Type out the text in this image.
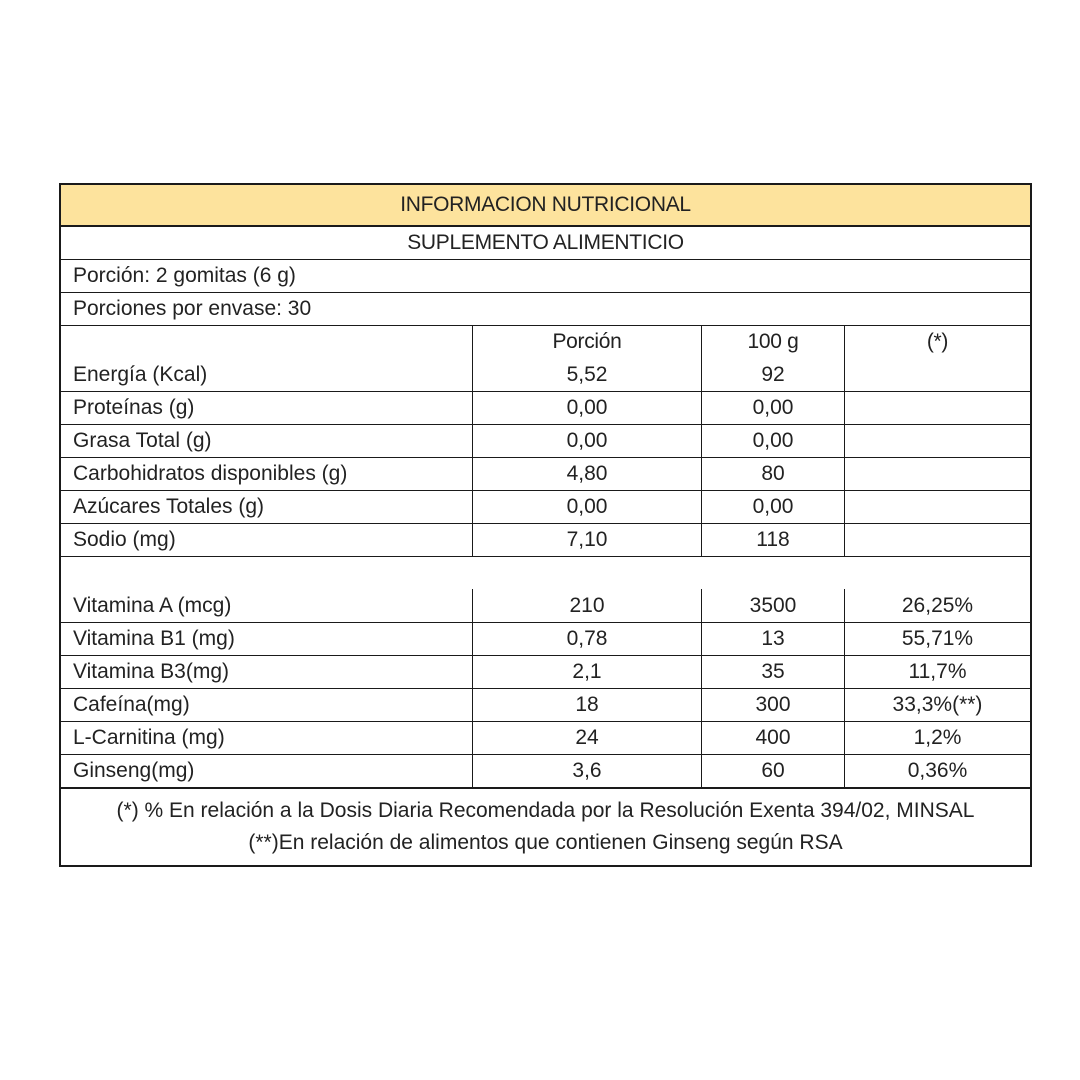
INFORMACION NUTRICIONAL
SUPLEMENTO ALIMENTICIO
Porción: 2 gomitas (6 g)
Porciones por envase: 30
Porción	100 g	(*)
Energía (Kcal)	5,52	92
Proteínas (g)	0,00	0,00
Grasa Total (g)	0,00	0,00
Carbohidratos disponibles (g)	4,80	80
Azúcares Totales (g)	0,00	0,00
Sodio (mg)	7,10	118
Vitamina A (mcg)	210	3500	26,25%
Vitamina B1 (mg)	0,78	13	55,71%
Vitamina B3(mg)	2,1	35	11,7%
Cafeína(mg)	18	300	33,3%(**)
L-Carnitina (mg)	24	400	1,2%
Ginseng(mg)	3,6	60	0,36%
(*) % En relación a la Dosis Diaria Recomendada por la Resolución Exenta 394/02, MINSAL
(**)En relación de alimentos que contienen Ginseng según RSA
